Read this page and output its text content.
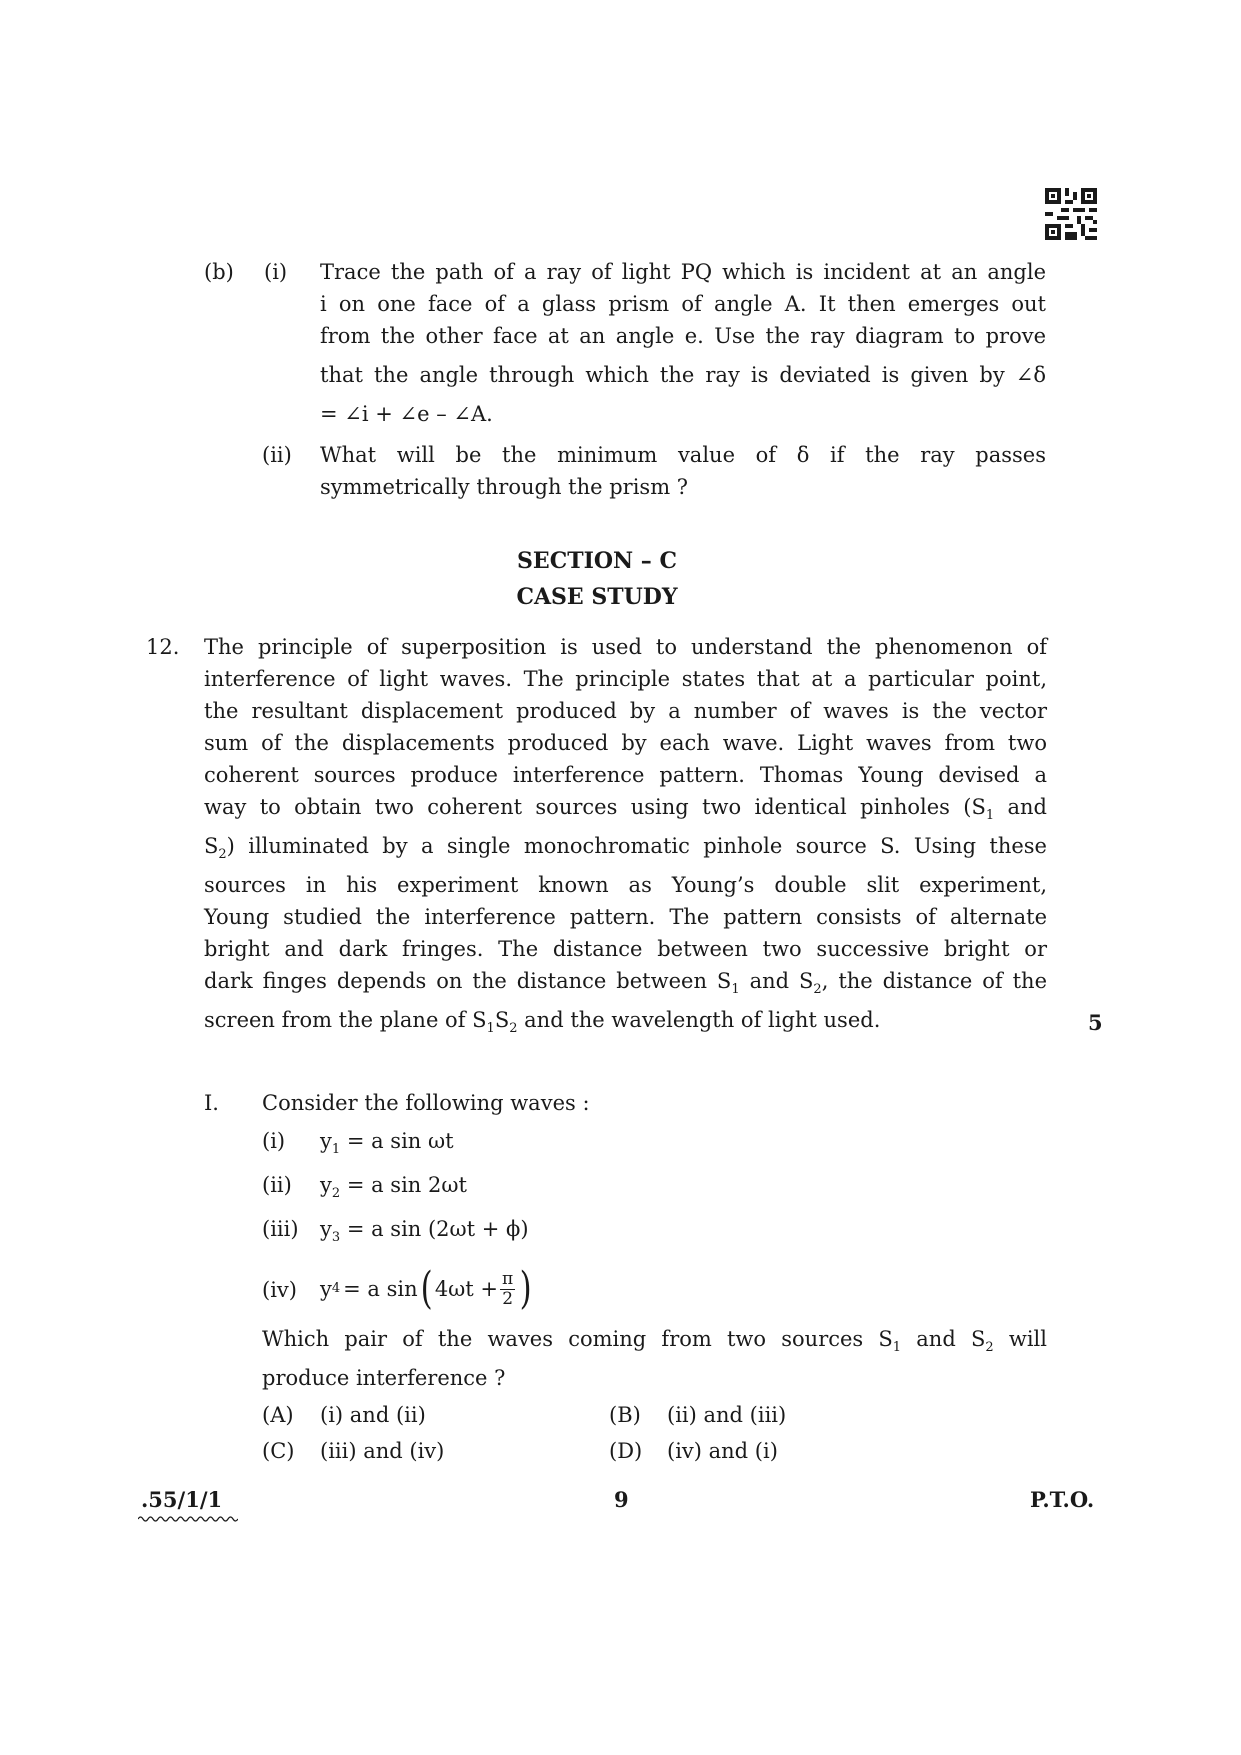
(b) (i) Trace the path of a ray of light PQ which is incident at an angle
i on one face of a glass prism of angle A. It then emerges out
from the other face at an angle e. Use the ray diagram to prove
that the angle through which the ray is deviated is given by ∠δ
= ∠i + ∠e – ∠A.
(ii) What will be the minimum value of δ if the ray passes
symmetrically through the prism ?
SECTION – C
CASE STUDY
12. The principle of superposition is used to understand the phenomenon of
interference of light waves. The principle states that at a particular point,
the resultant displacement produced by a number of waves is the vector
sum of the displacements produced by each wave. Light waves from two
coherent sources produce interference pattern. Thomas Young devised a
way to obtain two coherent sources using two identical pinholes ($S_1$ and
$S_2$) illuminated by a single monochromatic pinhole source S. Using these
sources in his experiment known as Young’s double slit experiment,
Young studied the interference pattern. The pattern consists of alternate
bright and dark fringes. The distance between two successive bright or
dark finges depends on the distance between $S_1$ and $S_2$, the distance of the
screen from the plane of $S_1S_2$ and the wavelength of light used.	5
I. Consider the following waves :
(i) $y_1 = a$ sin ωt
(ii) $y_2 = a$ sin 2ωt
(iii) $y_3 = a$ sin (2ωt + ϕ)
(iv) y 4 = a sin ( $4\omega t + \frac{\pi}{2}$ )
Which pair of the waves coming from two sources $S_1$ and $S_2$ will
produce interference ?
(A) (i) and (ii)	(B) (ii) and (iii)
(C) (iii) and (iv)	(D) (iv) and (i)
.55/1/1	9	P.T.O.
